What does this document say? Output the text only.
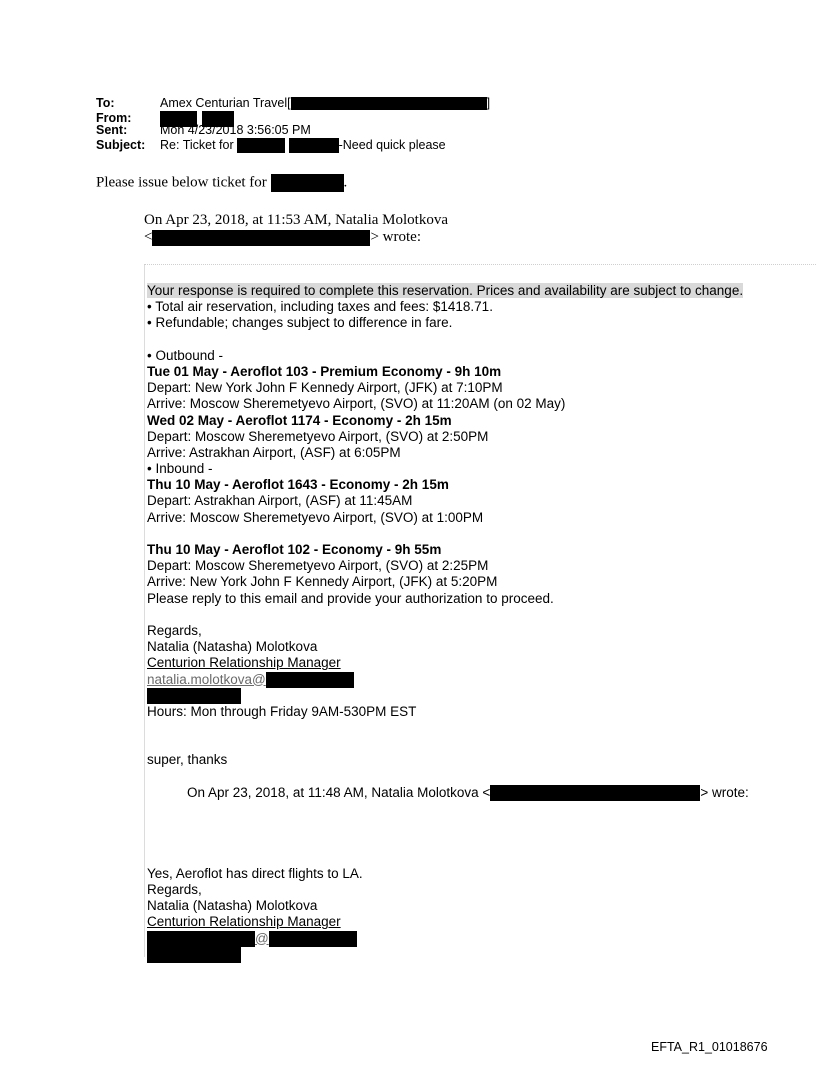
To:	Amex Centurian Travel[	]
From:
Sent:	Mon 4/23/2018 3:56:05 PM
Subject: Re: Ticket for	-Need quick please
Please issue below ticket for	.
On Apr 23, 2018, at 11:53 AM, Natalia Molotkova
<	> wrote:
Your response is required to complete this reservation. Prices and availability are subject to change.
• Total air reservation, including taxes and fees: $1418.71.
• Refundable; changes subject to difference in fare.
• Outbound -
Tue 01 May - Aeroflot 103 - Premium Economy - 9h 10m
Depart: New York John F Kennedy Airport, (JFK) at 7:10PM
Arrive: Moscow Sheremetyevo Airport, (SVO) at 11:20AM (on 02 May)
Wed 02 May - Aeroflot 1174 - Economy - 2h 15m
Depart: Moscow Sheremetyevo Airport, (SVO) at 2:50PM
Arrive: Astrakhan Airport, (ASF) at 6:05PM
• Inbound -
Thu 10 May - Aeroflot 1643 - Economy - 2h 15m
Depart: Astrakhan Airport, (ASF) at 11:45AM
Arrive: Moscow Sheremetyevo Airport, (SVO) at 1:00PM
Thu 10 May - Aeroflot 102 - Economy - 9h 55m
Depart: Moscow Sheremetyevo Airport, (SVO) at 2:25PM
Arrive: New York John F Kennedy Airport, (JFK) at 5:20PM
Please reply to this email and provide your authorization to proceed.
Regards,
Natalia (Natasha) Molotkova
Centurion Relationship Manager
natalia.molotkova@
Hours: Mon through Friday 9AM-530PM EST
super, thanks
On Apr 23, 2018, at 11:48 AM, Natalia Molotkova <	> wrote:
Yes, Aeroflot has direct flights to LA.
Regards,
Natalia (Natasha) Molotkova
Centurion Relationship Manager
@
EFTA_R1_01018676
